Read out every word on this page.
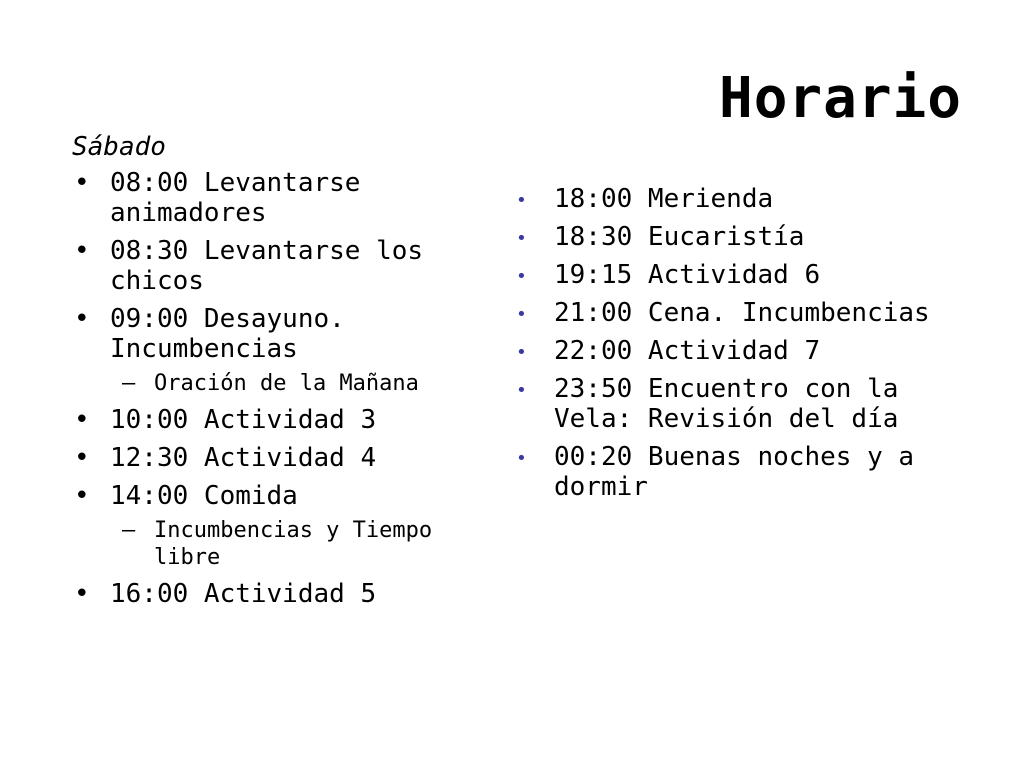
Horario
Sábado
• 08:00 Levantarse animadores
• 08:30 Levantarse los chicos
• 09:00 Desayuno. Incumbencias
– Oración de la Mañana
• 10:00 Actividad 3
• 12:30 Actividad 4
• 14:00 Comida
– Incumbencias y Tiempo libre
• 16:00 Actividad 5
• 18:00 Merienda
• 18:30 Eucaristía
• 19:15 Actividad 6
• 21:00 Cena. Incumbencias
• 22:00 Actividad 7
• 23:50 Encuentro con la Vela: Revisión del día
• 00:20 Buenas noches y a dormir
